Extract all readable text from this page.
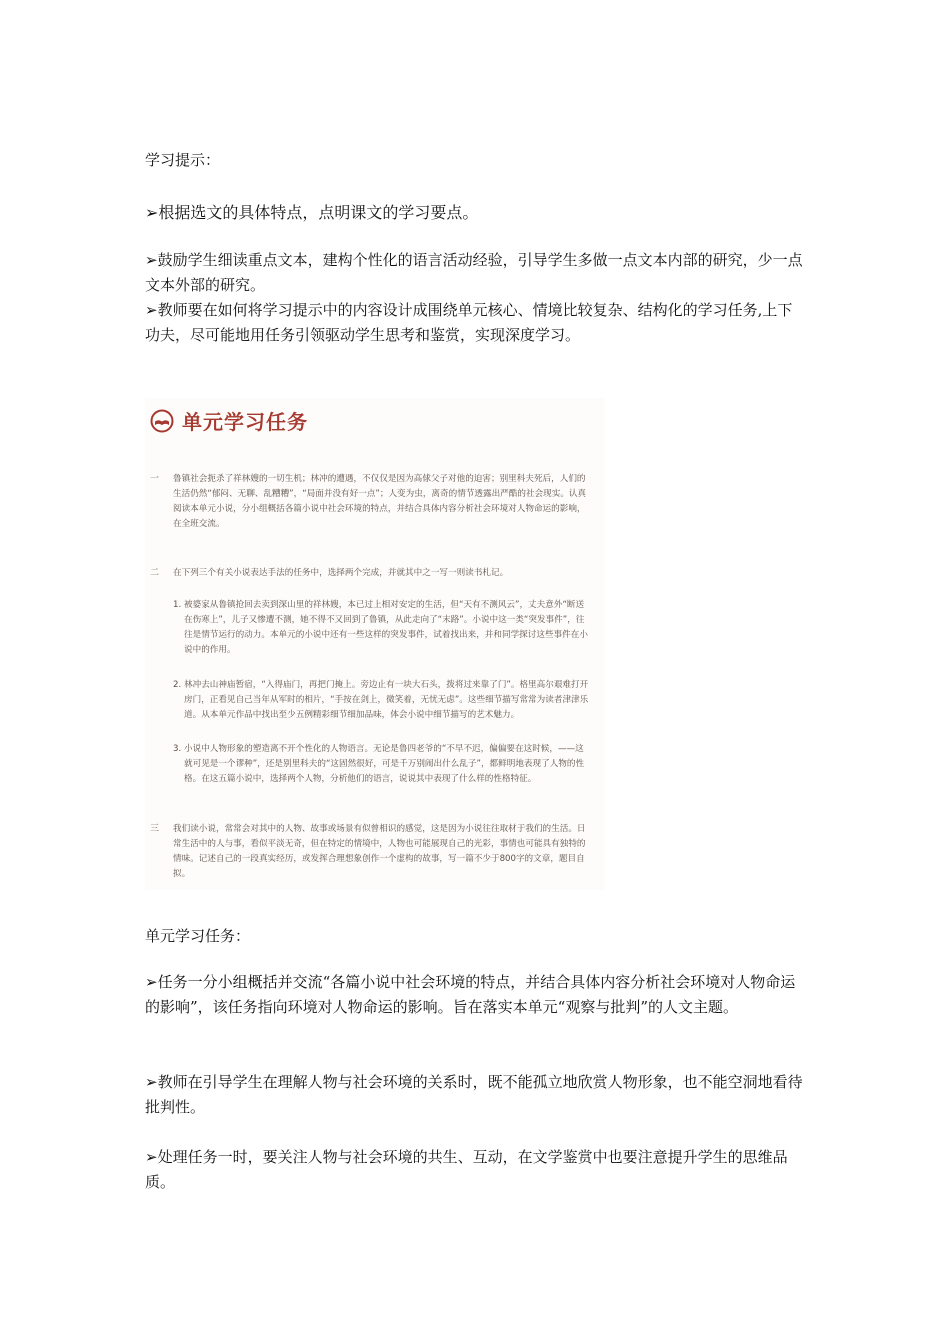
学习提示：

➢根据选文的具体特点，点明课文的学习要点。

➢鼓励学生细读重点文本，建构个性化的语言活动经验，引导学生多做一点文本内部的研究，少一点文本外部的研究。

➢教师要在如何将学习提示中的内容设计成围绕单元核心、情境比较复杂、结构化的学习任务,上下功夫，尽可能地用任务引领驱动学生思考和鉴赏，实现深度学习。

单元学习任务
一	鲁镇社会扼杀了祥林嫂的一切生机；林冲的遭遇，不仅仅是因为高俅父子对他的迫害；别里科夫死后，人们的生活仍然“郁闷、无聊、乱糟糟”，“局面并没有好一点”；人变为虫，离奇的情节透露出严酷的社会现实。认真阅读本单元小说，分小组概括各篇小说中社会环境的特点，并结合具体内容分析社会环境对人物命运的影响，在全班交流。

二	在下列三个有关小说表达手法的任务中，选择两个完成，并就其中之一写一则读书札记。

1. 被婆家从鲁镇抢回去卖到深山里的祥林嫂，本已过上相对安定的生活，但“天有不测风云”，丈夫意外“断送在伤寒上”，儿子又惨遭不测，她不得不又回到了鲁镇，从此走向了“末路”。小说中这一类“突发事件”，往往是情节运行的动力。本单元的小说中还有一些这样的突发事件，试着找出来，并和同学探讨这些事件在小说中的作用。

2. 林冲去山神庙暂宿，“入得庙门，再把门掩上。旁边止有一块大石头，拨将过来靠了门”。格里高尔艰难打开房门，正看见自己当年从军时的相片，“手按在剑上，微笑着，无忧无虑”。这些细节描写常常为读者津津乐道。从本单元作品中找出至少五例精彩细节细加品味，体会小说中细节描写的艺术魅力。

3. 小说中人物形象的塑造离不开个性化的人物语言。无论是鲁四老爷的“不早不迟，偏偏要在这时候，——这就可见是一个谬种”，还是别里科夫的“这固然很好，可是千万别闹出什么乱子”，都鲜明地表现了人物的性格。在这五篇小说中，选择两个人物，分析他们的语言，说说其中表现了什么样的性格特征。

三	我们读小说，常常会对其中的人物、故事或场景有似曾相识的感觉，这是因为小说往往取材于我们的生活。日常生活中的人与事，看似平淡无奇，但在特定的情境中，人物也可能展现自己的光彩，事情也可能具有独特的情味。记述自己的一段真实经历，或发挥合理想象创作一个虚构的故事，写一篇不少于800字的文章，题目自拟。

单元学习任务：

➢任务一分小组概括并交流“各篇小说中社会环境的特点，并结合具体内容分析社会环境对人物命运的影响”，该任务指向环境对人物命运的影响。旨在落实本单元“观察与批判”的人文主题。

➢教师在引导学生在理解人物与社会环境的关系时，既不能孤立地欣赏人物形象，也不能空洞地看待批判性。

➢处理任务一时，要关注人物与社会环境的共生、互动，在文学鉴赏中也要注意提升学生的思维品质。
